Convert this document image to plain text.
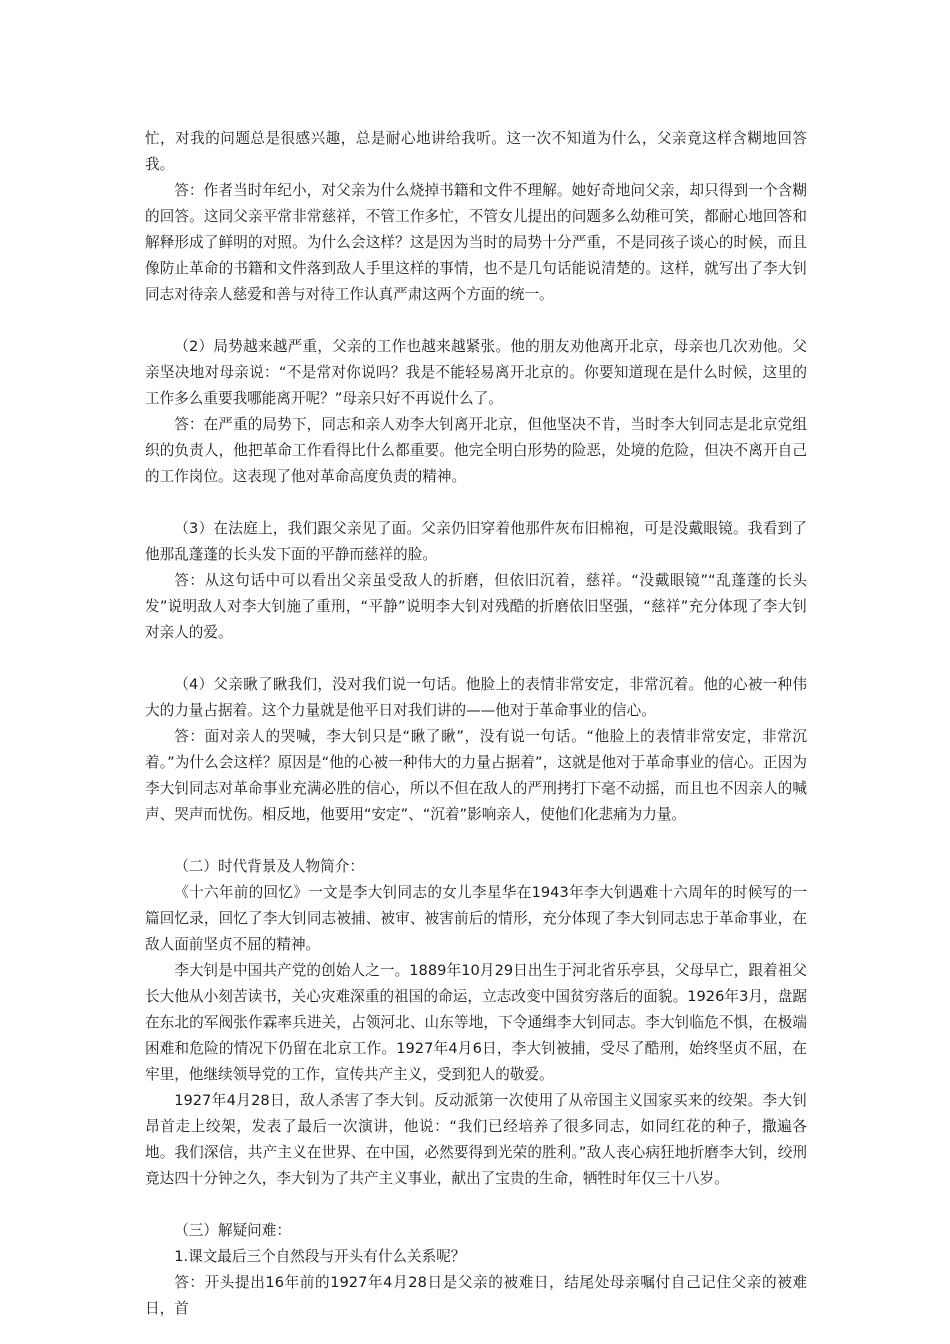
忙，对我的问题总是很感兴趣，总是耐心地讲给我听。这一次不知道为什么，父亲竟这样含糊地回答我。

答：作者当时年纪小，对父亲为什么烧掉书籍和文件不理解。她好奇地问父亲，却只得到一个含糊的回答。这同父亲平常非常慈祥，不管工作多忙，不管女儿提出的问题多么幼稚可笑，都耐心地回答和解释形成了鲜明的对照。为什么会这样？这是因为当时的局势十分严重，不是同孩子谈心的时候，而且像防止革命的书籍和文件落到敌人手里这样的事情，也不是几句话能说清楚的。这样，就写出了李大钊同志对待亲人慈爱和善与对待工作认真严肃这两个方面的统一。

（2）局势越来越严重，父亲的工作也越来越紧张。他的朋友劝他离开北京，母亲也几次劝他。父亲坚决地对母亲说：“不是常对你说吗？我是不能轻易离开北京的。你要知道现在是什么时候，这里的工作多么重要我哪能离开呢？”母亲只好不再说什么了。

答：在严重的局势下，同志和亲人劝李大钊离开北京，但他坚决不肯，当时李大钊同志是北京党组织的负责人，他把革命工作看得比什么都重要。他完全明白形势的险恶，处境的危险，但决不离开自己的工作岗位。这表现了他对革命高度负责的精神。

（3）在法庭上，我们跟父亲见了面。父亲仍旧穿着他那件灰布旧棉袍，可是没戴眼镜。我看到了他那乱蓬蓬的长头发下面的平静而慈祥的脸。

答：从这句话中可以看出父亲虽受敌人的折磨，但依旧沉着，慈祥。“没戴眼镜”“乱蓬蓬的长头发”说明敌人对李大钊施了重刑，“平静”说明李大钊对残酷的折磨依旧坚强，“慈祥”充分体现了李大钊对亲人的爱。

（4）父亲瞅了瞅我们，没对我们说一句话。他脸上的表情非常安定，非常沉着。他的心被一种伟大的力量占据着。这个力量就是他平日对我们讲的——他对于革命事业的信心。

答：面对亲人的哭喊，李大钊只是“瞅了瞅”，没有说一句话。“他脸上的表情非常安定，非常沉着。”为什么会这样？原因是“他的心被一种伟大的力量占据着”，这就是他对于革命事业的信心。正因为李大钊同志对革命事业充满必胜的信心，所以不但在敌人的严刑拷打下毫不动摇，而且也不因亲人的喊声、哭声而忧伤。相反地，他要用“安定”、“沉着”影响亲人，使他们化悲痛为力量。

（二）时代背景及人物简介：

《十六年前的回忆》一文是李大钊同志的女儿李星华在1943年李大钊遇难十六周年的时候写的一篇回忆录，回忆了李大钊同志被捕、被审、被害前后的情形，充分体现了李大钊同志忠于革命事业，在敌人面前坚贞不屈的精神。

李大钊是中国共产党的创始人之一。1889年10月29日出生于河北省乐亭县，父母早亡，跟着祖父长大他从小刻苦读书，关心灾难深重的祖国的命运，立志改变中国贫穷落后的面貌。1926年3月，盘踞在东北的军阀张作霖率兵进关，占领河北、山东等地，下令通缉李大钊同志。李大钊临危不惧，在极端困难和危险的情况下仍留在北京工作。1927年4月6日，李大钊被捕，受尽了酷刑，始终坚贞不屈，在牢里，他继续领导党的工作，宣传共产主义，受到犯人的敬爱。

1927年4月28日，敌人杀害了李大钊。反动派第一次使用了从帝国主义国家买来的绞架。李大钊昂首走上绞架，发表了最后一次演讲，他说：“我们已经培养了很多同志，如同红花的种子，撒遍各地。我们深信，共产主义在世界、在中国，必然要得到光荣的胜利。”敌人丧心病狂地折磨李大钊，绞刑竟达四十分钟之久，李大钊为了共产主义事业，献出了宝贵的生命，牺牲时年仅三十八岁。

（三）解疑问难：

1.课文最后三个自然段与开头有什么关系呢？

答：开头提出16年前的1927年4月28日是父亲的被难日，结尾处母亲嘱付自己记住父亲的被难日，首
